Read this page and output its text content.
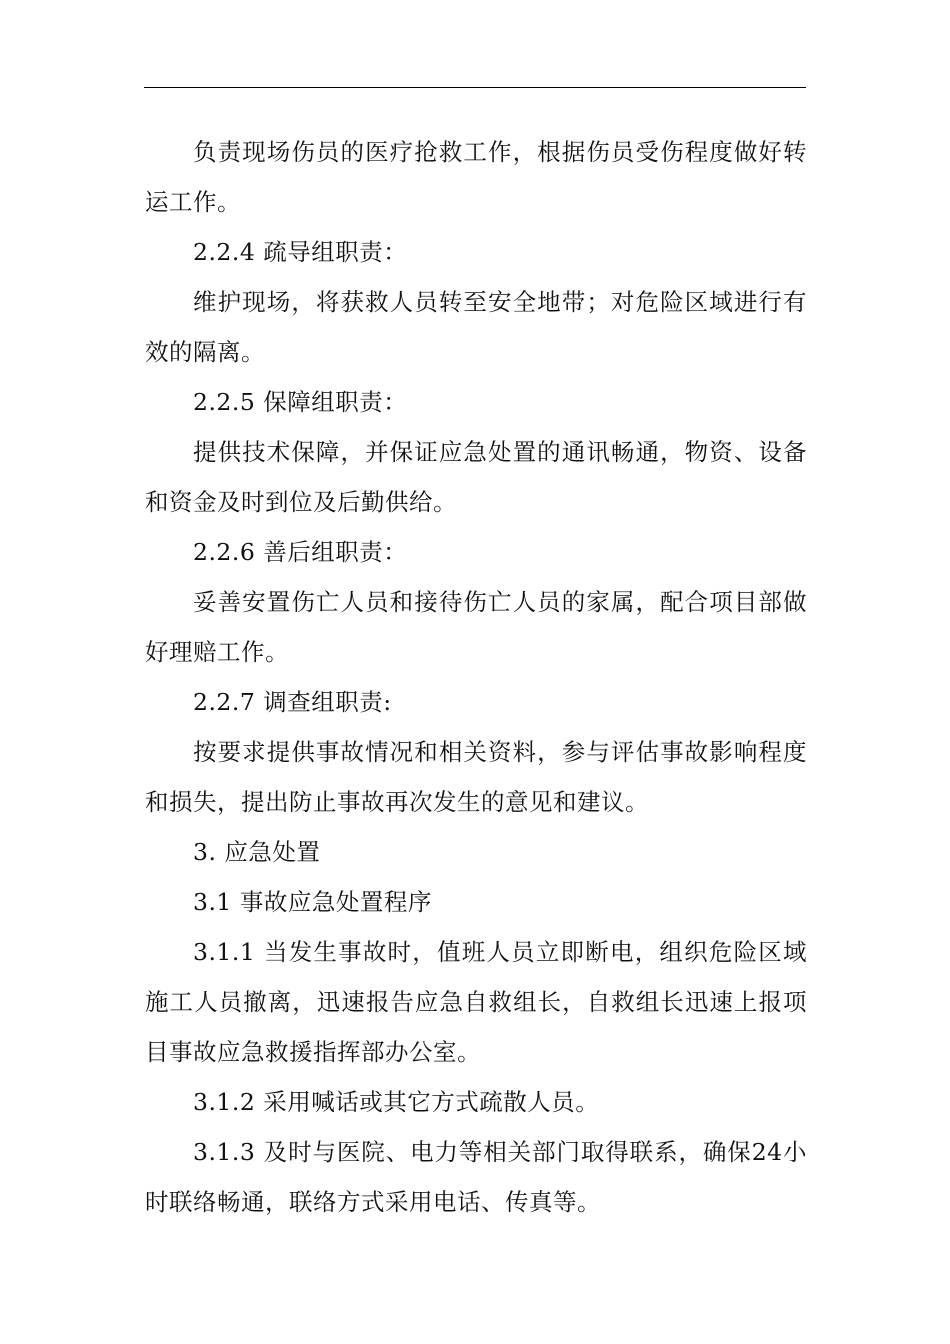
负责现场伤员的医疗抢救工作，根据伤员受伤程度做好转运工作。

2.2.4 疏导组职责：

维护现场，将获救人员转至安全地带；对危险区域进行有效的隔离。

2.2.5 保障组职责：

提供技术保障，并保证应急处置的通讯畅通，物资、设备和资金及时到位及后勤供给。

2.2.6 善后组职责：

妥善安置伤亡人员和接待伤亡人员的家属，配合项目部做好理赔工作。

2.2.7 调查组职责:

按要求提供事故情况和相关资料，参与评估事故影响程度和损失，提出防止事故再次发生的意见和建议。

3. 应急处置

3.1 事故应急处置程序

3.1.1 当发生事故时，值班人员立即断电，组织危险区域施工人员撤离，迅速报告应急自救组长，自救组长迅速上报项目事故应急救援指挥部办公室。

3.1.2 采用喊话或其它方式疏散人员。

3.1.3 及时与医院、电力等相关部门取得联系，确保24小时联络畅通，联络方式采用电话、传真等。
